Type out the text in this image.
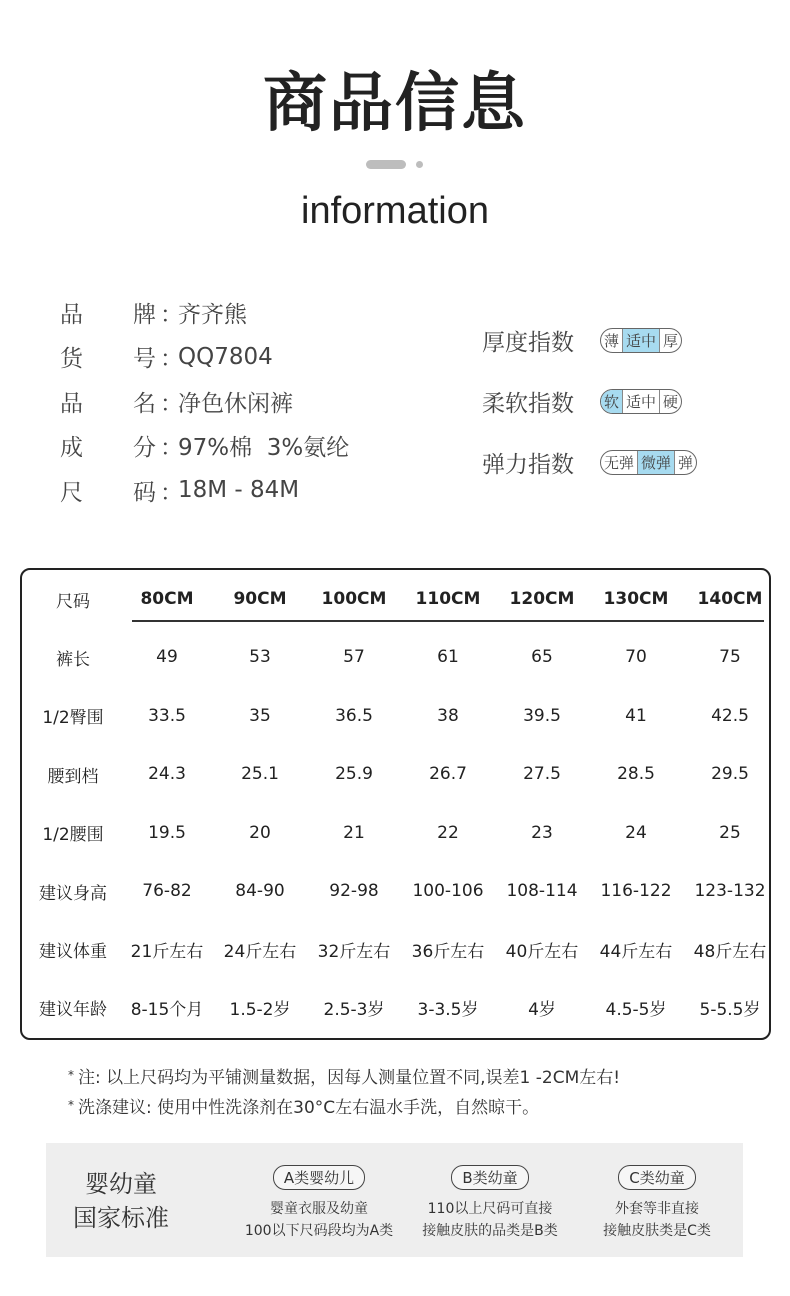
商品信息
information
品 牌 ：
齐齐熊
货 号 ：
QQ7804
品 名 ：
净色休闲裤
成 分 ：
97%棉  3%氨纶
尺 码 ：
18M - 84M
厚度指数	薄 适中 厚
柔软指数	软 适中 硬
弹力指数	无弹 微弹 弹
尺码	80CM	90CM	100CM	110CM	120CM	130CM	140CM
裤长	49	53	57	61	65	70	75
1/2臀围	33.5	35	36.5	38	39.5	41	42.5
腰到档	24.3	25.1	25.9	26.7	27.5	28.5	29.5
1/2腰围	19.5	20	21	22	23	24	25
建议身高	76-82	84-90	92-98	100-106	108-114	116-122	123-132
建议体重	21斤左右	24斤左右	32斤左右	36斤左右	40斤左右	44斤左右	48斤左右
建议年龄	8-15个月	1.5-2岁	2.5-3岁	3-3.5岁	4岁	4.5-5岁	5-5.5岁
* 注: 以上尺码均为平铺测量数据，因每人测量位置不同,误差1 -2CM左右!
* 洗涤建议: 使用中性洗涤剂在30°C左右温水手洗，自然晾干。
婴幼童
国家标准
A类婴幼儿
婴童衣服及幼童
100以下尺码段均为A类
B类幼童
110以上尺码可直接
接触皮肤的品类是B类
C类幼童
外套等非直接
接触皮肤类是C类
